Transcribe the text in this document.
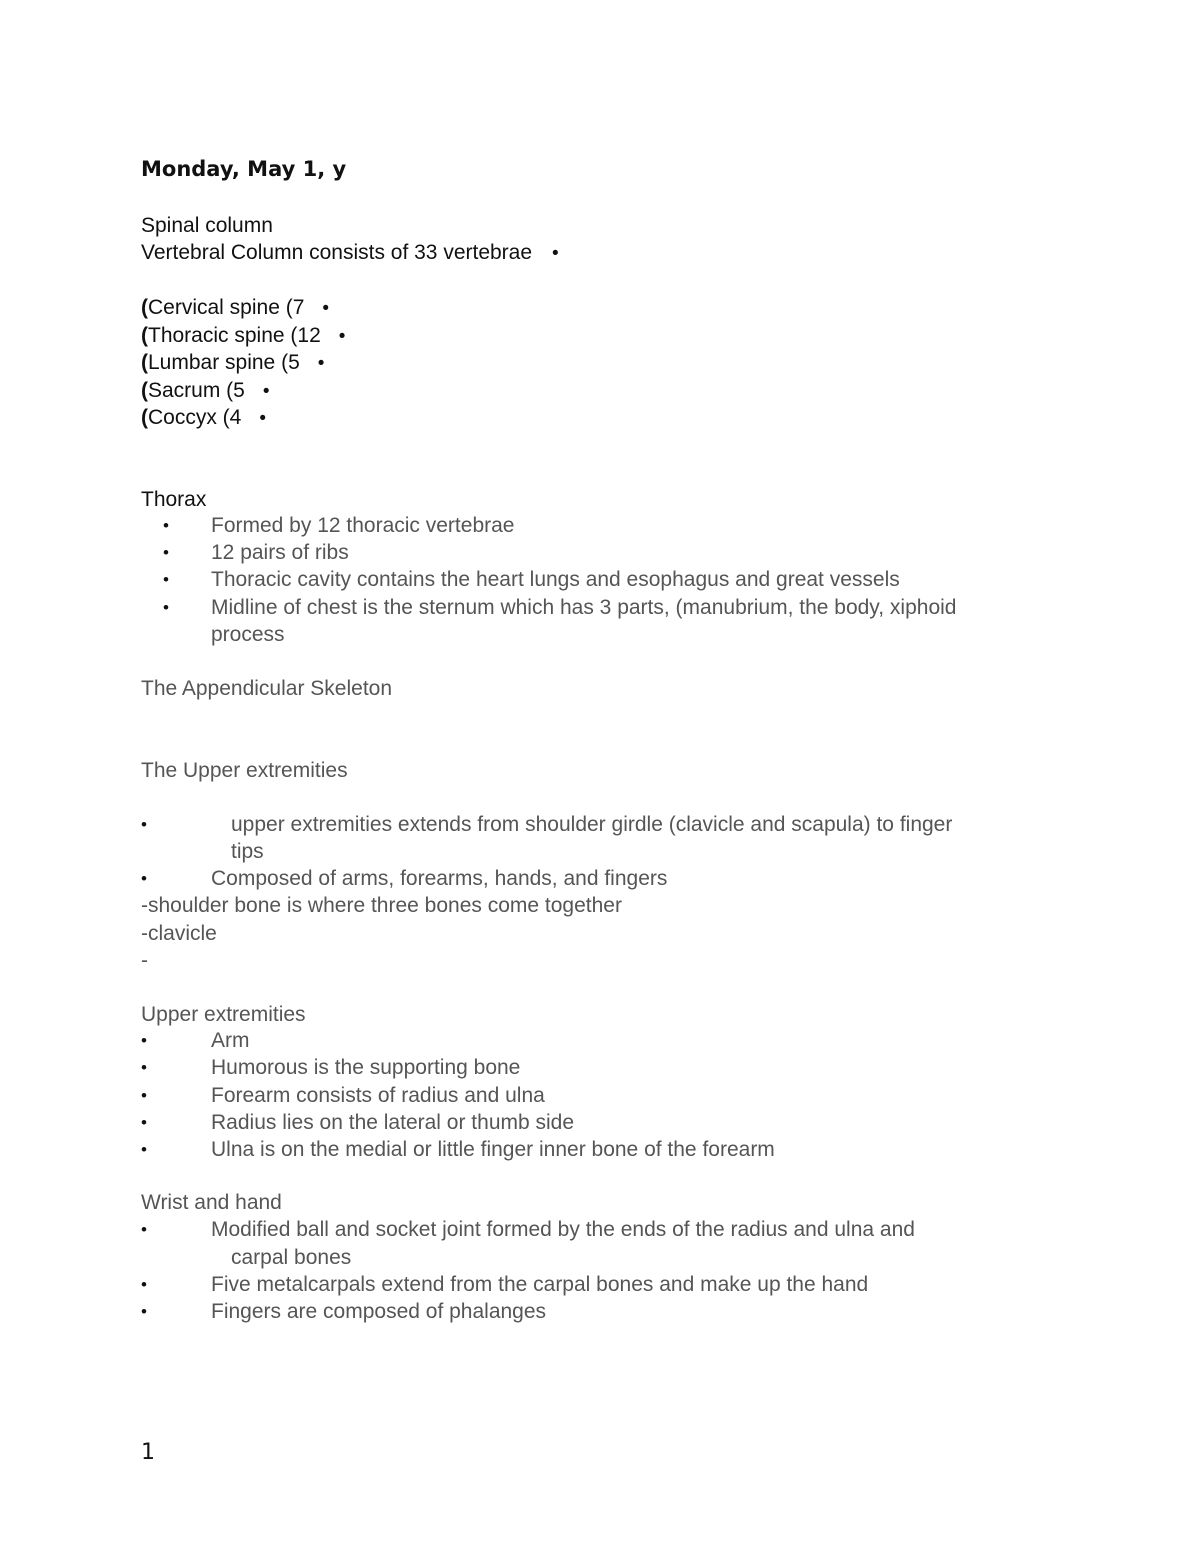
Monday, May 1, y
Spinal column
Vertebral Column consists of 33 vertebrae •
(Cervical spine (7 •
(Thoracic spine (12 •
(Lumbar spine (5 •
(Sacrum (5 •
(Coccyx (4 •
Thorax
• Formed by 12 thoracic vertebrae
• 12 pairs of ribs
• Thoracic cavity contains the heart lungs and esophagus and great vessels
• Midline of chest is the sternum which has 3 parts, (manubrium, the body, xiphoid
process
The Appendicular Skeleton
The Upper extremities
•	upper extremities extends from shoulder girdle (clavicle and scapula) to finger
tips
•	Composed of arms, forearms, hands, and fingers
-shoulder bone is where three bones come together
-clavicle
-
Upper extremities
•	Arm
•	Humorous is the supporting bone
•	Forearm consists of radius and ulna
•	Radius lies on the lateral or thumb side
•	Ulna is on the medial or little finger inner bone of the forearm
Wrist and hand
•	Modified ball and socket joint formed by the ends of the radius and ulna and
carpal bones
•	Five metalcarpals extend from the carpal bones and make up the hand
•	Fingers are composed of phalanges
1
